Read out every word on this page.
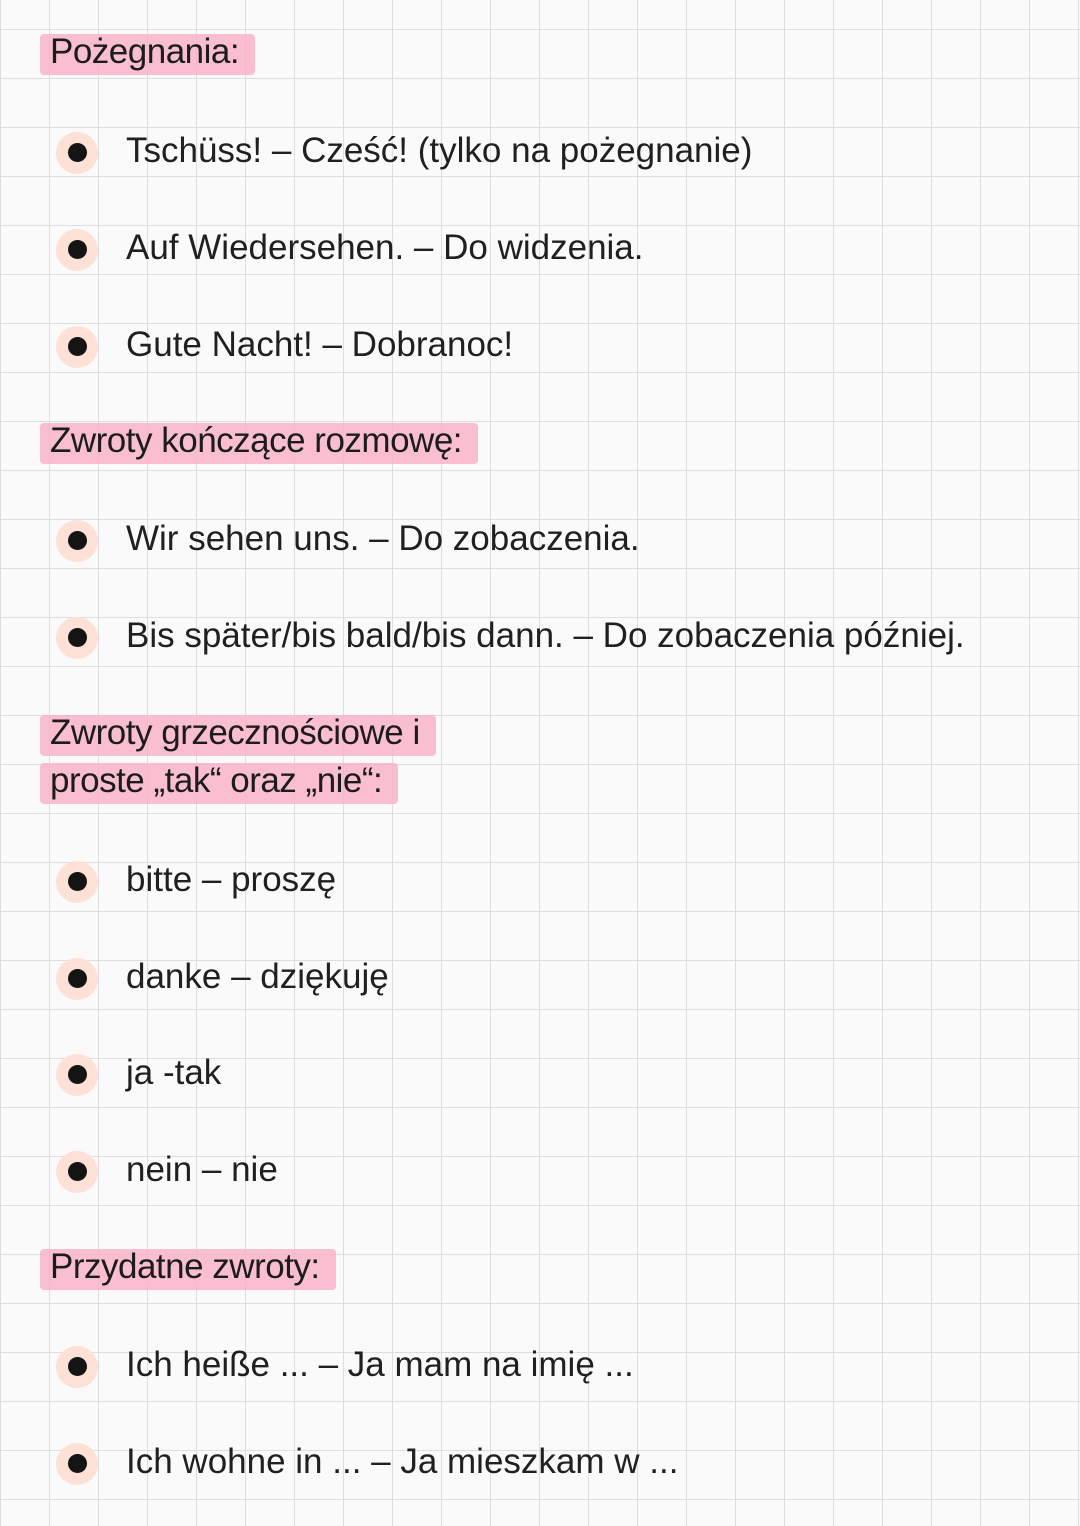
Pożegnania:
Tschüss! – Cześć! (tylko na pożegnanie)
Auf Wiedersehen. – Do widzenia.
Gute Nacht! – Dobranoc!
Zwroty kończące rozmowę:
Wir sehen uns. – Do zobaczenia.
Bis später/bis bald/bis dann. – Do zobaczenia później.
Zwroty grzecznościowe i
proste „tak“ oraz „nie“:
bitte – proszę
danke – dziękuję
ja -tak
nein – nie
Przydatne zwroty:
Ich heiße ... – Ja mam na imię ...
Ich wohne in ... – Ja mieszkam w ...
